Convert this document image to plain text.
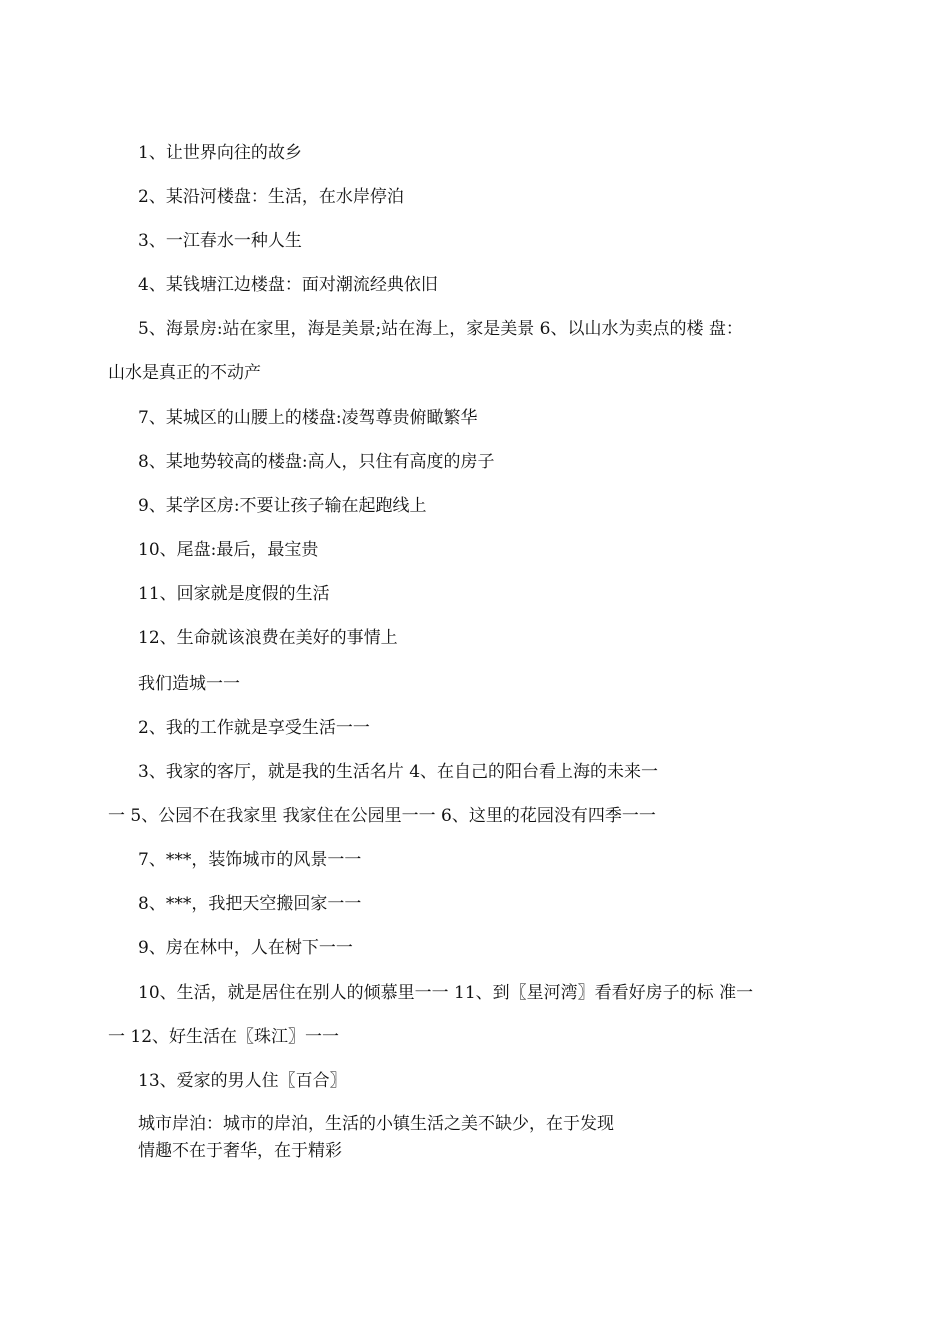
1、让世界向往的故乡
2、某沿河楼盘：生活，在水岸停泊
3、一江春水一种人生
4、某钱塘江边楼盘：面对潮流经典依旧
5、海景房:站在家里，海是美景;站在海上，家是美景 6、以山水为卖点的楼 盘：
山水是真正的不动产
7、某城区的山腰上的楼盘:凌驾尊贵俯瞰繁华
8、某地势较高的楼盘:高人，只住有高度的房子
9、某学区房:不要让孩子输在起跑线上
10、尾盘:最后，最宝贵
11、回家就是度假的生活
12、生命就该浪费在美好的事情上
我们造城一一
2、我的工作就是享受生活一一
3、我家的客厅，就是我的生活名片 4、在自己的阳台看上海的未来一
一 5、公园不在我家里 我家住在公园里一一 6、这里的花园没有四季一一
7、***，装饰城市的风景一一
8、***，我把天空搬回家一一
9、房在林中，人在树下一一
10、生活，就是居住在别人的倾慕里一一 11、到〖星河湾〗看看好房子的标 准一
一 12、好生活在〖珠江〗一一
13、爱家的男人住〖百合〗
城市岸泊：城市的岸泊，生活的小镇生活之美不缺少，在于发现
情趣不在于奢华，在于精彩
